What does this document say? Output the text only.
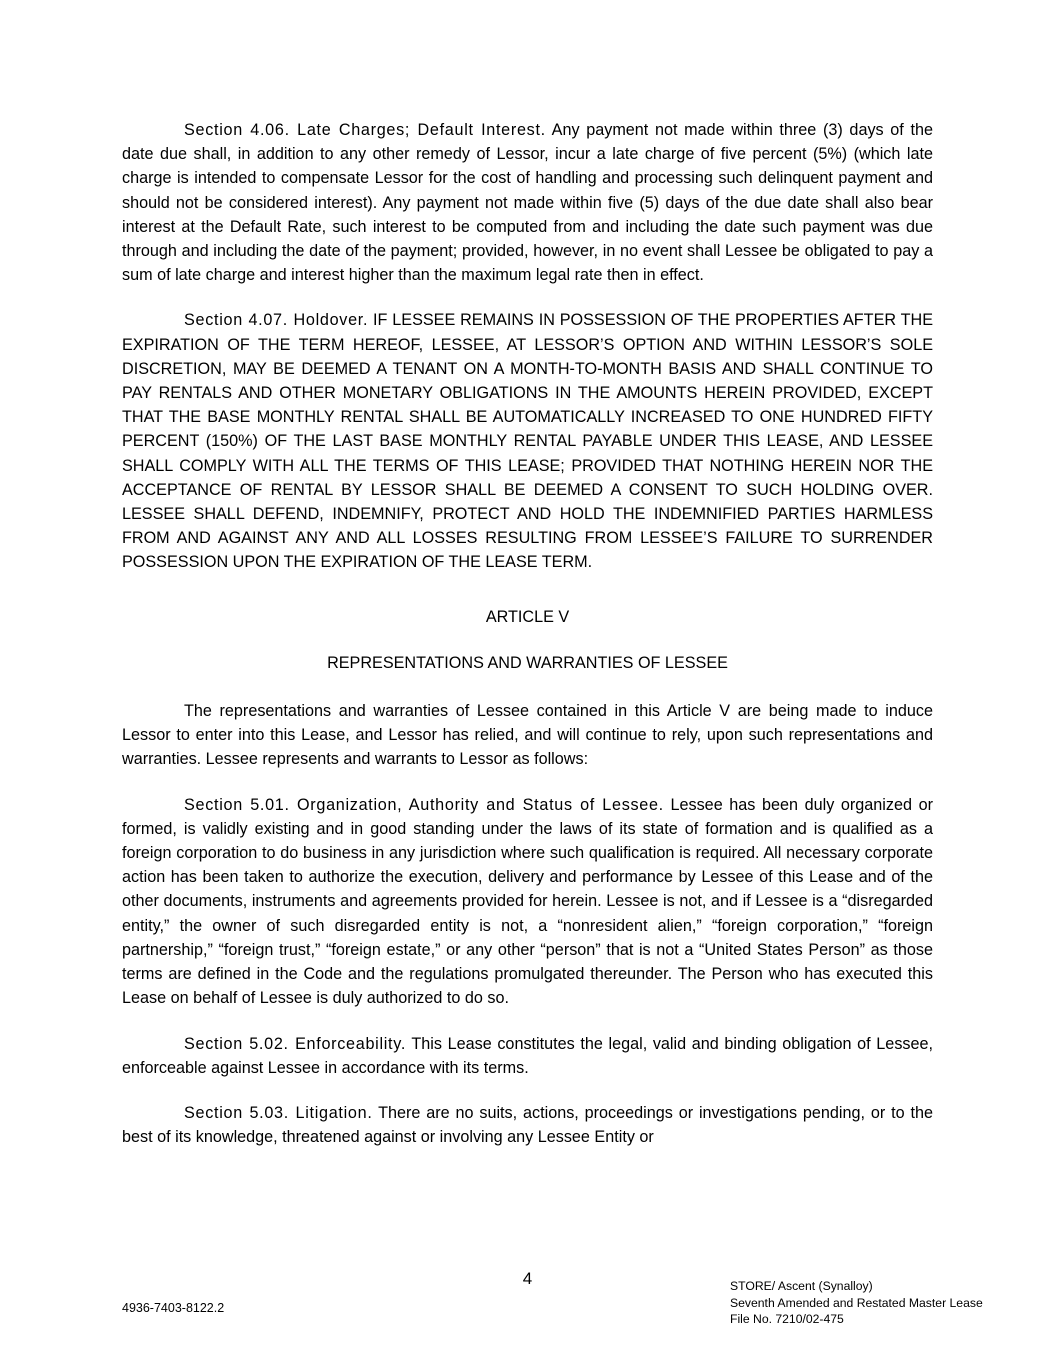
Section 4.06. Late Charges; Default Interest. Any payment not made within three (3) days of the date due shall, in addition to any other remedy of Lessor, incur a late charge of five percent (5%) (which late charge is intended to compensate Lessor for the cost of handling and processing such delinquent payment and should not be considered interest). Any payment not made within five (5) days of the due date shall also bear interest at the Default Rate, such interest to be computed from and including the date such payment was due through and including the date of the payment; provided, however, in no event shall Lessee be obligated to pay a sum of late charge and interest higher than the maximum legal rate then in effect.

Section 4.07. Holdover. IF LESSEE REMAINS IN POSSESSION OF THE PROPERTIES AFTER THE EXPIRATION OF THE TERM HEREOF, LESSEE, AT LESSOR’S OPTION AND WITHIN LESSOR’S SOLE DISCRETION, MAY BE DEEMED A TENANT ON A MONTH-TO-MONTH BASIS AND SHALL CONTINUE TO PAY RENTALS AND OTHER MONETARY OBLIGATIONS IN THE AMOUNTS HEREIN PROVIDED, EXCEPT THAT THE BASE MONTHLY RENTAL SHALL BE AUTOMATICALLY INCREASED TO ONE HUNDRED FIFTY PERCENT (150%) OF THE LAST BASE MONTHLY RENTAL PAYABLE UNDER THIS LEASE, AND LESSEE SHALL COMPLY WITH ALL THE TERMS OF THIS LEASE; PROVIDED THAT NOTHING HEREIN NOR THE ACCEPTANCE OF RENTAL BY LESSOR SHALL BE DEEMED A CONSENT TO SUCH HOLDING OVER. LESSEE SHALL DEFEND, INDEMNIFY, PROTECT AND HOLD THE INDEMNIFIED PARTIES HARMLESS FROM AND AGAINST ANY AND ALL LOSSES RESULTING FROM LESSEE’S FAILURE TO SURRENDER POSSESSION UPON THE EXPIRATION OF THE LEASE TERM.

ARTICLE V

REPRESENTATIONS AND WARRANTIES OF LESSEE

The representations and warranties of Lessee contained in this Article V are being made to induce Lessor to enter into this Lease, and Lessor has relied, and will continue to rely, upon such representations and warranties. Lessee represents and warrants to Lessor as follows:

Section 5.01. Organization, Authority and Status of Lessee. Lessee has been duly organized or formed, is validly existing and in good standing under the laws of its state of formation and is qualified as a foreign corporation to do business in any jurisdiction where such qualification is required. All necessary corporate action has been taken to authorize the execution, delivery and performance by Lessee of this Lease and of the other documents, instruments and agreements provided for herein. Lessee is not, and if Lessee is a “disregarded entity,” the owner of such disregarded entity is not, a “nonresident alien,” “foreign corporation,” “foreign partnership,” “foreign trust,” “foreign estate,” or any other “person” that is not a “United States Person” as those terms are defined in the Code and the regulations promulgated thereunder. The Person who has executed this Lease on behalf of Lessee is duly authorized to do so.

Section 5.02. Enforceability. This Lease constitutes the legal, valid and binding obligation of Lessee, enforceable against Lessee in accordance with its terms.

Section 5.03. Litigation. There are no suits, actions, proceedings or investigations pending, or to the best of its knowledge, threatened against or involving any Lessee Entity or

4
4936-7403-8122.2
STORE/ Ascent (Synalloy)
Seventh Amended and Restated Master Lease
File No. 7210/02-475
